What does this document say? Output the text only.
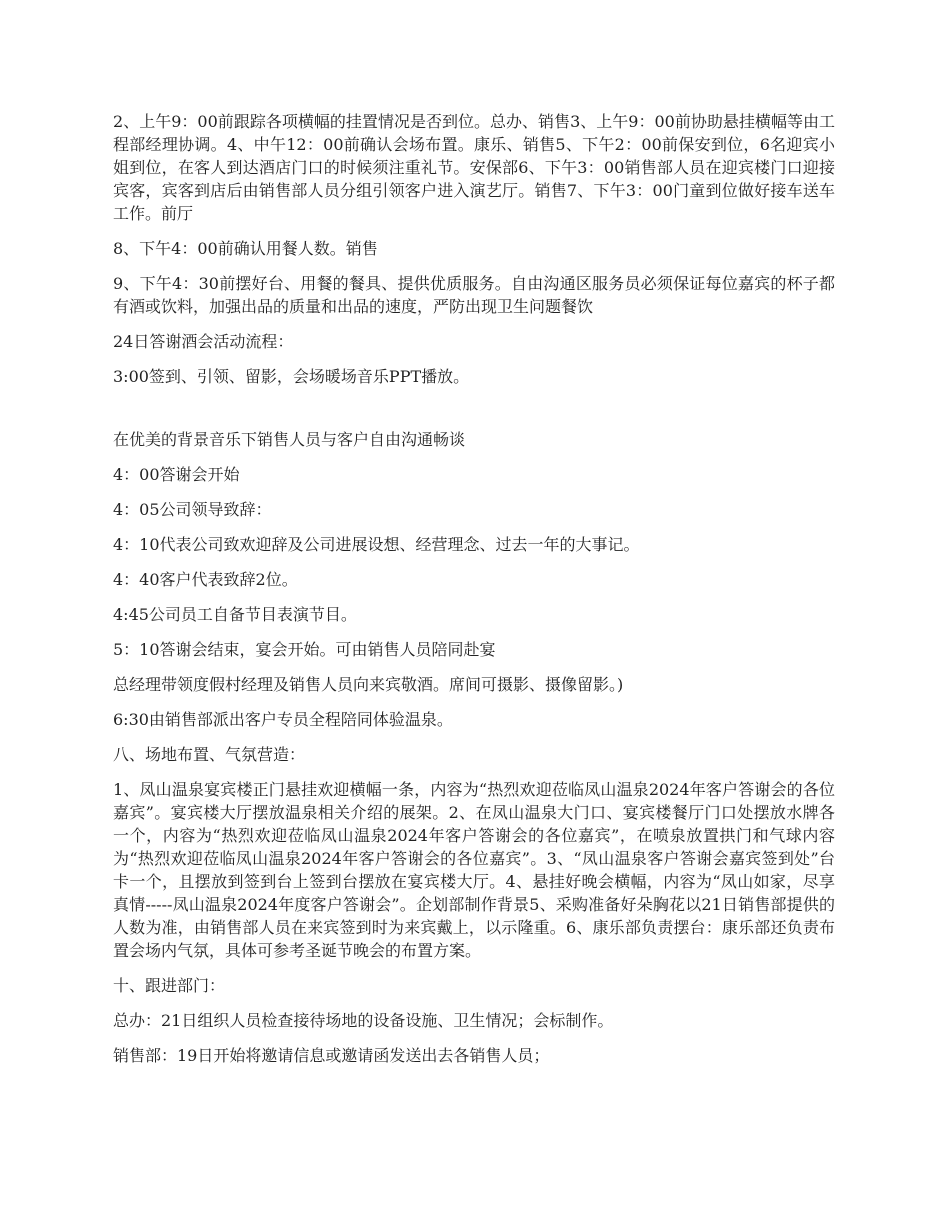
2、上午9：00前跟踪各项横幅的挂置情况是否到位。总办、销售3、上午9：00前协助悬挂横幅等由工程部经理协调。4、中午12：00前确认会场布置。康乐、销售5、下午2：00前保安到位，6名迎宾小姐到位，在客人到达酒店门口的时候须注重礼节。安保部6、下午3：00销售部人员在迎宾楼门口迎接宾客，宾客到店后由销售部人员分组引领客户进入演艺厅。销售7、下午3：00门童到位做好接车送车工作。前厅

8、下午4：00前确认用餐人数。销售

9、下午4：30前摆好台、用餐的餐具、提供优质服务。自由沟通区服务员必须保证每位嘉宾的杯子都有酒或饮料，加强出品的质量和出品的速度，严防出现卫生问题餐饮

24日答谢酒会活动流程：

3:00签到、引领、留影，会场暖场音乐PPT播放。

在优美的背景音乐下销售人员与客户自由沟通畅谈

4：00答谢会开始

4：05公司领导致辞：

4：10代表公司致欢迎辞及公司进展设想、经营理念、过去一年的大事记。

4：40客户代表致辞2位。

4:45公司员工自备节目表演节目。

5：10答谢会结束，宴会开始。可由销售人员陪同赴宴

总经理带领度假村经理及销售人员向来宾敬酒。席间可摄影、摄像留影。)

6:30由销售部派出客户专员全程陪同体验温泉。

八、场地布置、气氛营造：

1、凤山温泉宴宾楼正门悬挂欢迎横幅一条，内容为“热烈欢迎莅临凤山温泉2024年客户答谢会的各位嘉宾”。宴宾楼大厅摆放温泉相关介绍的展架。2、在凤山温泉大门口、宴宾楼餐厅门口处摆放水牌各一个，内容为“热烈欢迎莅临凤山温泉2024年客户答谢会的各位嘉宾”，在喷泉放置拱门和气球内容为“热烈欢迎莅临凤山温泉2024年客户答谢会的各位嘉宾”。3、“凤山温泉客户答谢会嘉宾签到处”台卡一个，且摆放到签到台上签到台摆放在宴宾楼大厅。4、悬挂好晚会横幅，内容为“凤山如家，尽享真情-----凤山温泉2024年度客户答谢会”。企划部制作背景5、采购准备好朵胸花以21日销售部提供的人数为准，由销售部人员在来宾签到时为来宾戴上，以示隆重。6、康乐部负责摆台：康乐部还负责布置会场内气氛，具体可参考圣诞节晚会的布置方案。

十、跟进部门：

总办：21日组织人员检查接待场地的设备设施、卫生情况；会标制作。

销售部：19日开始将邀请信息或邀请函发送出去各销售人员；
